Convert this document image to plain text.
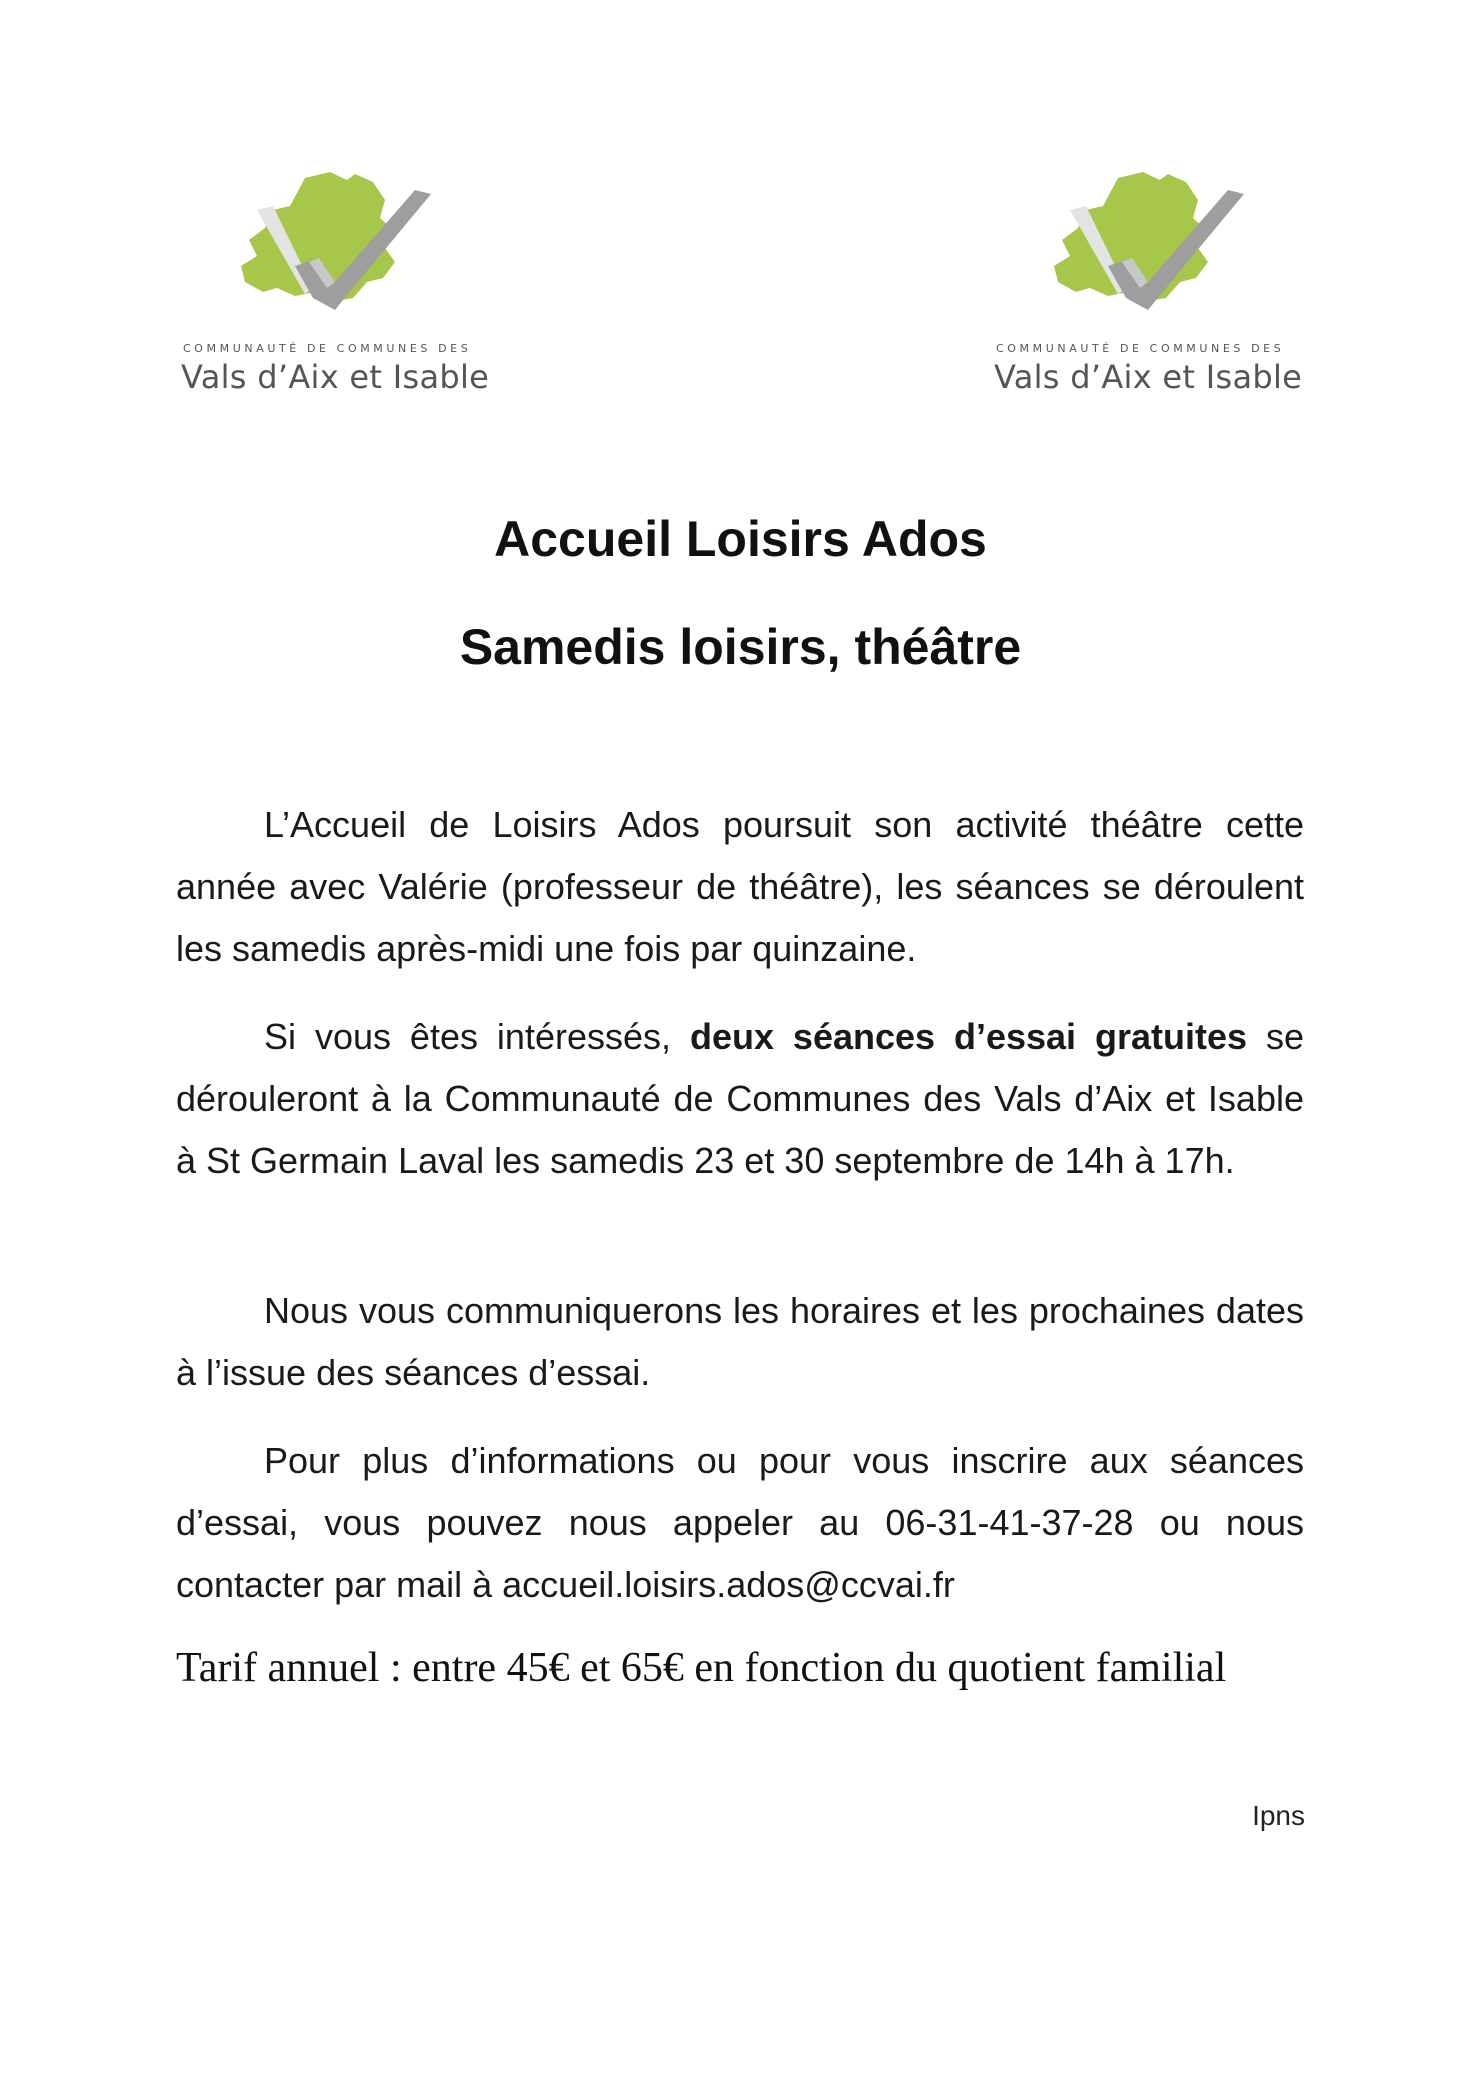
COMMUNAUTÉ DE COMMUNES DES
Vals d’Aix et Isable
COMMUNAUTÉ DE COMMUNES DES
Vals d’Aix et Isable
Accueil Loisirs Ados
Samedis loisirs, théâtre

L’Accueil de Loisirs Ados poursuit son activité théâtre cette année avec Valérie (professeur de théâtre), les séances se déroulent les samedis après-midi une fois par quinzaine.

Si vous êtes intéressés, deux séances d’essai gratuites se dérouleront à la Communauté de Communes des Vals d’Aix et Isable à St Germain Laval les samedis 23 et 30 septembre de 14h à 17h.

Nous vous communiquerons les horaires et les prochaines dates à l’issue des séances d’essai.

Pour plus d’informations ou pour vous inscrire aux séances d’essai, vous pouvez nous appeler au 06-31-41-37-28 ou nous contacter par mail à accueil.loisirs.ados@ccvai.fr

Tarif annuel : entre 45€ et 65€ en fonction du quotient familial

Ipns
